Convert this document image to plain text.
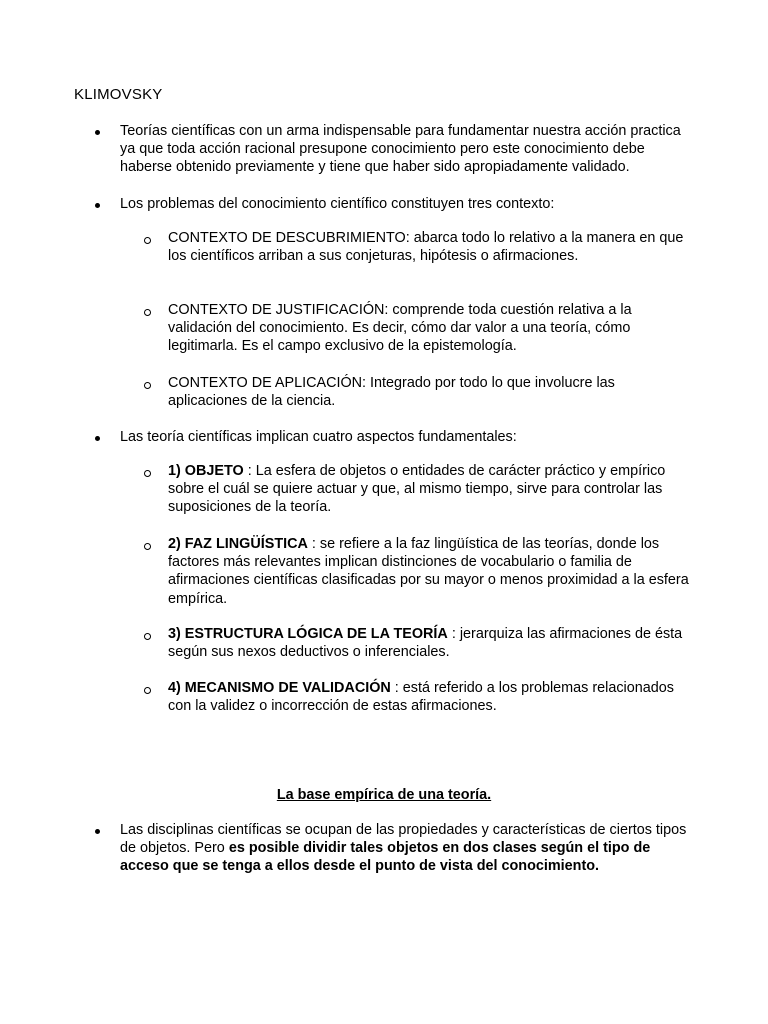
KLIMOVSKY
Teorías científicas con un arma indispensable para fundamentar nuestra acción practica ya que toda acción racional presupone conocimiento pero este conocimiento debe haberse obtenido previamente y tiene que haber sido apropiadamente validado.
Los problemas del conocimiento científico constituyen tres contexto:
CONTEXTO DE DESCUBRIMIENTO: abarca todo lo relativo a la manera en que los científicos arriban a sus conjeturas, hipótesis o afirmaciones.
CONTEXTO DE JUSTIFICACIÓN: comprende toda cuestión relativa a la validación del conocimiento. Es decir, cómo dar valor a una teoría, cómo legitimarla. Es el campo exclusivo de la epistemología.
CONTEXTO DE APLICACIÓN: Integrado por todo lo que involucre las aplicaciones de la ciencia.
Las teoría científicas implican cuatro aspectos fundamentales:
1) OBJETO : La esfera de objetos o entidades de carácter práctico y empírico sobre el cuál se quiere actuar y que, al mismo tiempo, sirve para controlar las suposiciones de la teoría.
2) FAZ LINGÜÍSTICA : se refiere a la faz lingüística de las teorías, donde los factores más relevantes implican distinciones de vocabulario o familia de afirmaciones científicas clasificadas por su mayor o menos proximidad a la esfera empírica.
3) ESTRUCTURA LÓGICA DE LA TEORÍA : jerarquiza las afirmaciones de ésta según sus nexos deductivos o inferenciales.
4) MECANISMO DE VALIDACIÓN : está referido a los problemas relacionados con la validez o incorrección de estas afirmaciones.
La base empírica de una teoría.
Las disciplinas científicas se ocupan de las propiedades y características de ciertos tipos de objetos. Pero es posible dividir tales objetos en dos clases según el tipo de acceso que se tenga a ellos desde el punto de vista del conocimiento.
